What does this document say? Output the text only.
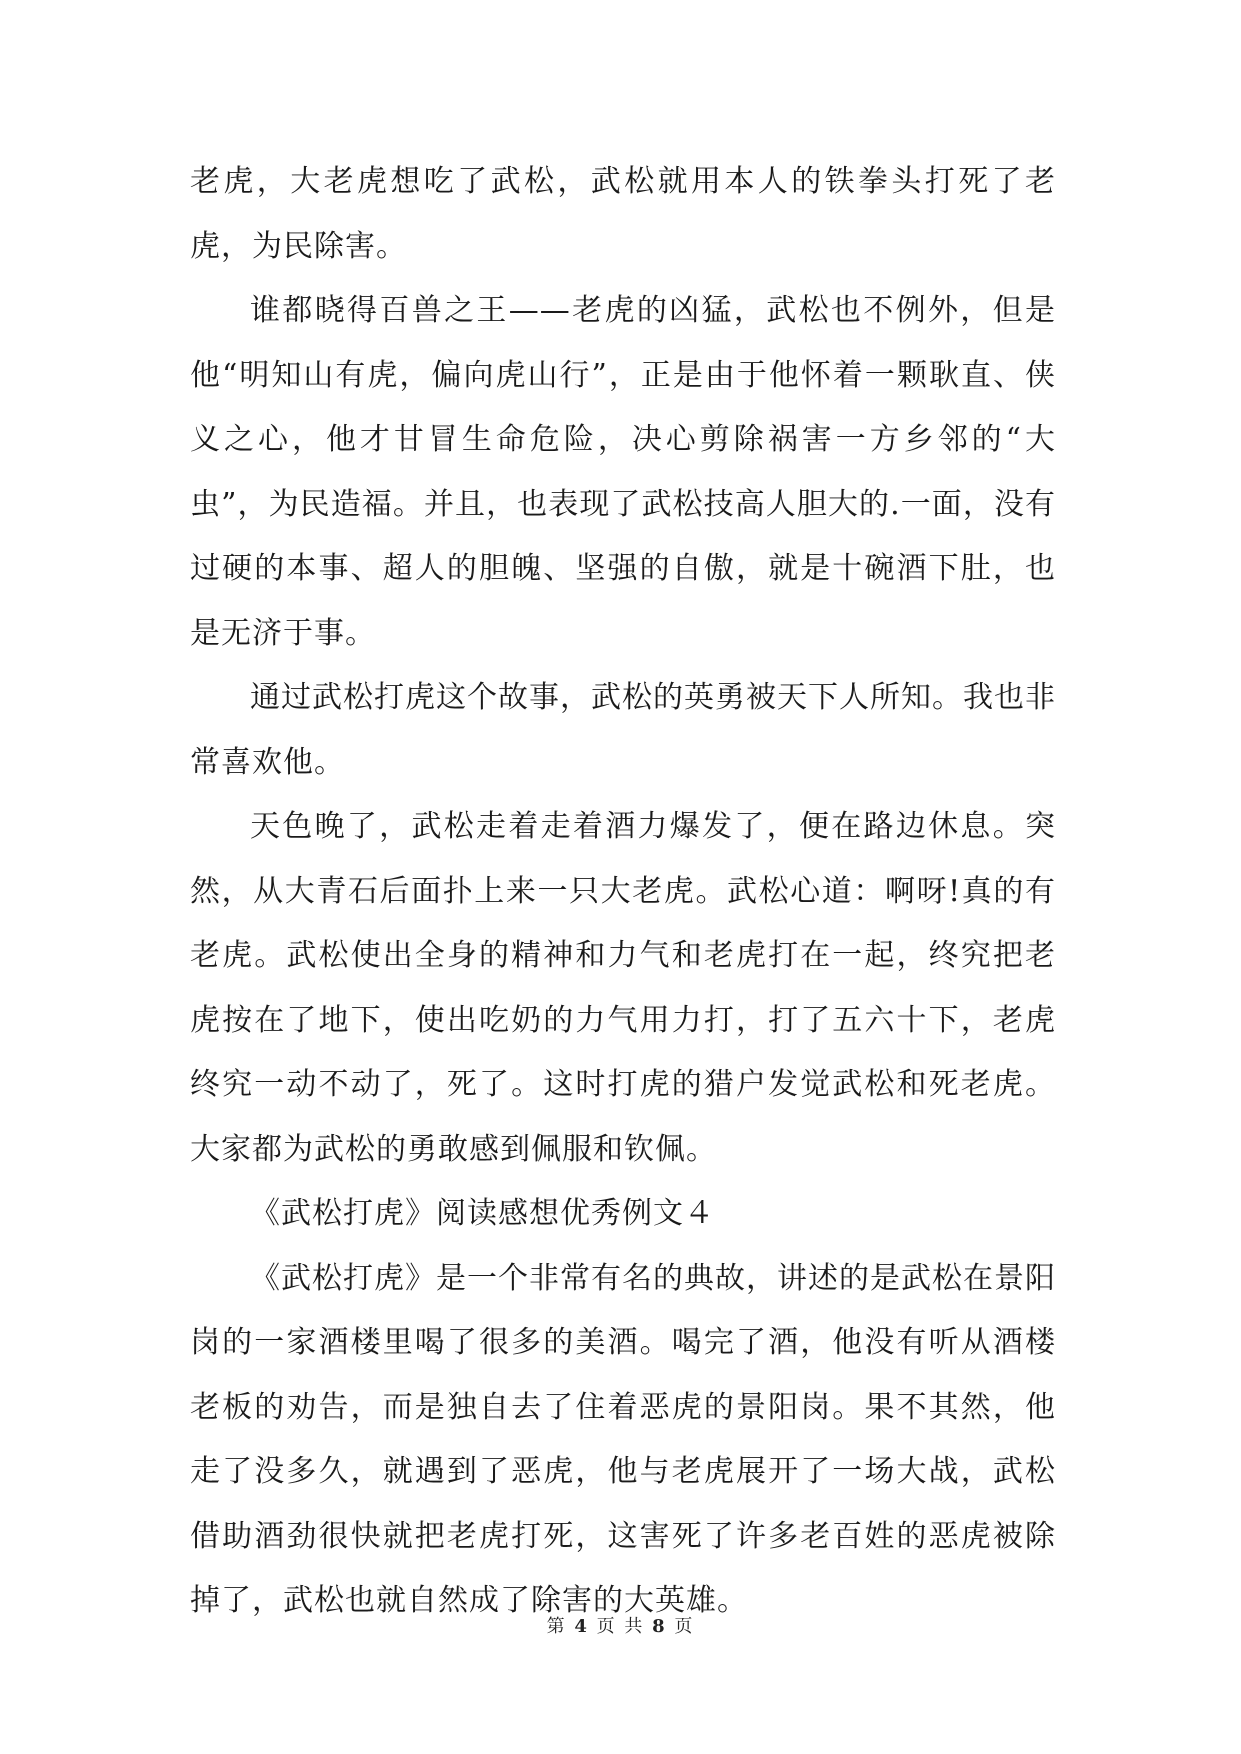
老虎，大老虎想吃了武松，武松就用本人的铁拳头打死了老虎，为民除害。

谁都晓得百兽之王——老虎的凶猛，武松也不例外，但是他“明知山有虎，偏向虎山行”，正是由于他怀着一颗耿直、侠义之心，他才甘冒生命危险，决心剪除祸害一方乡邻的“大虫”，为民造福。并且，也表现了武松技高人胆大的.一面，没有过硬的本事、超人的胆魄、坚强的自傲，就是十碗酒下肚，也是无济于事。

通过武松打虎这个故事，武松的英勇被天下人所知。我也非常喜欢他。

天色晚了，武松走着走着酒力爆发了，便在路边休息。突然，从大青石后面扑上来一只大老虎。武松心道：啊呀!真的有老虎。武松使出全身的精神和力气和老虎打在一起，终究把老虎按在了地下，使出吃奶的力气用力打，打了五六十下，老虎终究一动不动了，死了。这时打虎的猎户发觉武松和死老虎。大家都为武松的勇敢感到佩服和钦佩。

《武松打虎》阅读感想优秀例文４

《武松打虎》是一个非常有名的典故，讲述的是武松在景阳岗的一家酒楼里喝了很多的美酒。喝完了酒，他没有听从酒楼老板的劝告，而是独自去了住着恶虎的景阳岗。果不其然，他走了没多久，就遇到了恶虎，他与老虎展开了一场大战，武松借助酒劲很快就把老虎打死，这害死了许多老百姓的恶虎被除掉了，武松也就自然成了除害的大英雄。

第 4 页 共 8 页
